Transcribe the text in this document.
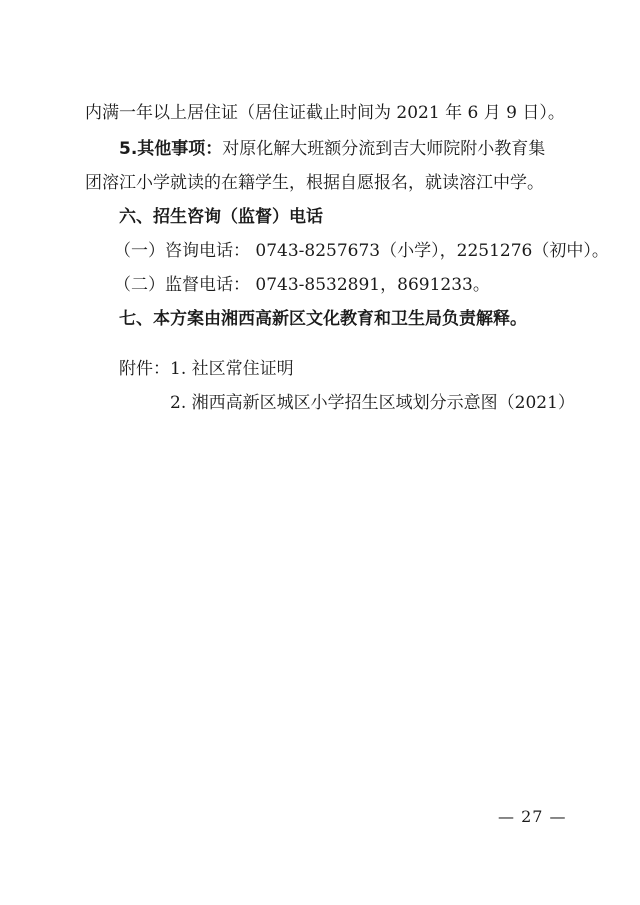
内满一年以上居住证（居住证截止时间为 2021 年 6 月 9 日）。
5.其他事项：对原化解大班额分流到吉大师院附小教育集
团溶江小学就读的在籍学生，根据自愿报名，就读溶江中学。
六、招生咨询（监督）电话
（一）咨询电话： 0743-8257673（小学），2251276（初中）。
（二）监督电话： 0743-8532891，8691233。
七、本方案由湘西高新区文化教育和卫生局负责解释。
附件：1. 社区常住证明
2. 湘西高新区城区小学招生区域划分示意图（2021）
— 27 —
